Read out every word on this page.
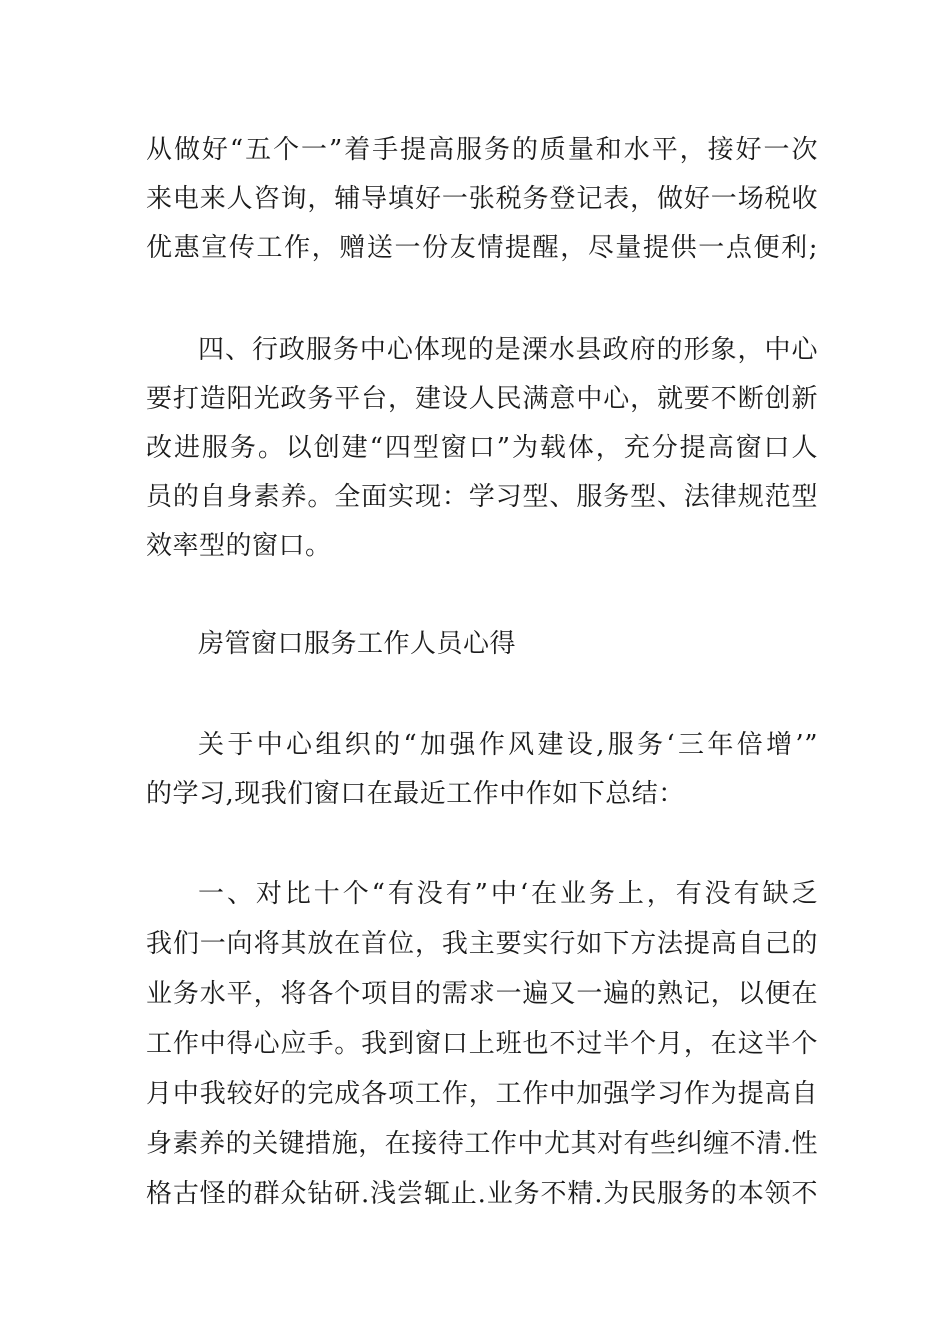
从做好“五个一”着手提高服务的质量和水平，接好一次
来电来人咨询，辅导填好一张税务登记表，做好一场税收
优惠宣传工作，赠送一份友情提醒，尽量提供一点便利;
四、行政服务中心体现的是溧水县政府的形象，中心
要打造阳光政务平台，建设人民满意中心，就要不断创新
改进服务。以创建“四型窗口”为载体，充分提高窗口人
员的自身素养。全面实现：学习型、服务型、法律规范型
效率型的窗口。
房管窗口服务工作人员心得
关于中心组织的“加强作风建设,服务‘三年倍增’”
的学习,现我们窗口在最近工作中作如下总结：
一、对比十个“有没有”中‘在业务上，有没有缺乏
我们一向将其放在首位，我主要实行如下方法提高自己的
业务水平，将各个项目的需求一遍又一遍的熟记，以便在
工作中得心应手。我到窗口上班也不过半个月，在这半个
月中我较好的完成各项工作，工作中加强学习作为提高自
身素养的关键措施，在接待工作中尤其对有些纠缠不清.性
格古怪的群众钻研.浅尝辄止.业务不精.为民服务的本领不
